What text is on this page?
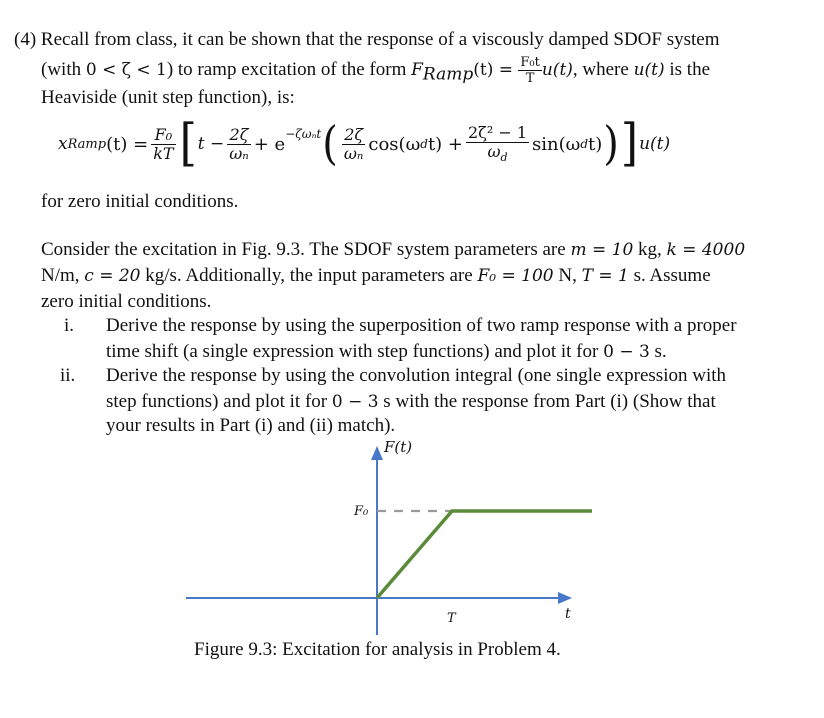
(4) Recall from class, it can be shown that the response of a viscously damped SDOF system
(with 0 < ζ < 1) to ramp excitation of the form $F_{Ramp}(t) = \frac{\text{F₀t}}{T} u(t)$, where u(t) is the
Heaviside (unit step function), is:
x Ramp $(t) = \frac{\text{F₀}}{kT}$ [ $t - \frac{2\zeta}{\text{ωₙ}} + e^{-\zeta\omega_nt}$ ( $\frac{2\zeta}{\text{ωₙ}} \cos(\omega$ d $t) + \frac{\text{2ζ² − 1}}{\omega_d} \sin(\omega$ d t) ) ] u(t)
for zero initial conditions.
Consider the excitation in Fig. 9.3. The SDOF system parameters are m = 10 kg, k = 4000
N/m, c = 20 kg/s. Additionally, the input parameters are F₀ = 100 N, T = 1 s. Assume
zero initial conditions.
i.	Derive the response by using the superposition of two ramp response with a proper
time shift (a single expression with step functions) and plot it for 0 − 3 s.
ii.	Derive the response by using the convolution integral (one single expression with
step functions) and plot it for 0 − 3 s with the response from Part (i) (Show that
your results in Part (i) and (ii) match).
F(t)
t
F₀
T
Figure 9.3: Excitation for analysis in Problem 4.
